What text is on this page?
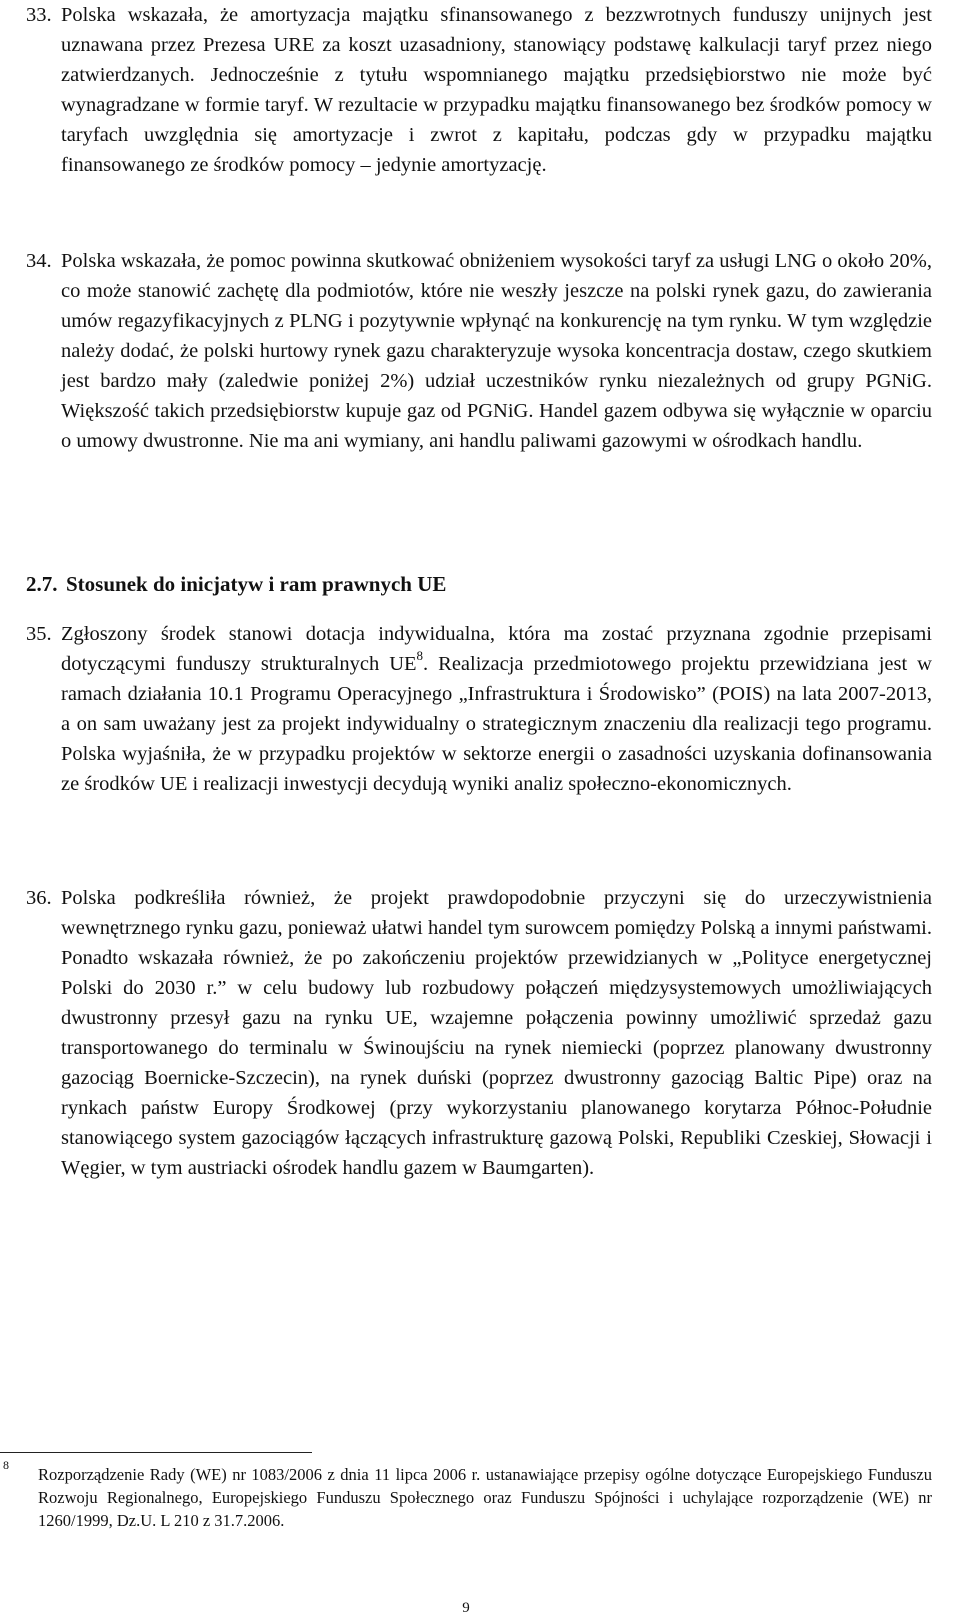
33. Polska wskazała, że amortyzacja majątku sfinansowanego z bezzwrotnych funduszy unijnych jest uznawana przez Prezesa URE za koszt uzasadniony, stanowiący podstawę kalkulacji taryf przez niego zatwierdzanych. Jednocześnie z tytułu wspomnianego majątku przedsiębiorstwo nie może być wynagradzane w formie taryf. W rezultacie w przypadku majątku finansowanego bez środków pomocy w taryfach uwzględnia się amortyzacje i zwrot z kapitału, podczas gdy w przypadku majątku finansowanego ze środków pomocy – jedynie amortyzację.
34. Polska wskazała, że pomoc powinna skutkować obniżeniem wysokości taryf za usługi LNG o około 20%, co może stanowić zachętę dla podmiotów, które nie weszły jeszcze na polski rynek gazu, do zawierania umów regazyfikacyjnych z PLNG i pozytywnie wpłynąć na konkurencję na tym rynku. W tym względzie należy dodać, że polski hurtowy rynek gazu charakteryzuje wysoka koncentracja dostaw, czego skutkiem jest bardzo mały (zaledwie poniżej 2%) udział uczestników rynku niezależnych od grupy PGNiG. Większość takich przedsiębiorstw kupuje gaz od PGNiG. Handel gazem odbywa się wyłącznie w oparciu o umowy dwustronne. Nie ma ani wymiany, ani handlu paliwami gazowymi w ośrodkach handlu.
2.7. Stosunek do inicjatyw i ram prawnych UE
35. Zgłoszony środek stanowi dotacja indywidualna, która ma zostać przyznana zgodnie przepisami dotyczącymi funduszy strukturalnych $UE^8$. Realizacja przedmiotowego projektu przewidziana jest w ramach działania 10.1 Programu Operacyjnego „Infrastruktura i Środowisko” (POIS) na lata 2007-2013, a on sam uważany jest za projekt indywidualny o strategicznym znaczeniu dla realizacji tego programu. Polska wyjaśniła, że w przypadku projektów w sektorze energii o zasadności uzyskania dofinansowania ze środków UE i realizacji inwestycji decydują wyniki analiz społeczno-ekonomicznych.
36. Polska podkreśliła również, że projekt prawdopodobnie przyczyni się do urzeczywistnienia wewnętrznego rynku gazu, ponieważ ułatwi handel tym surowcem pomiędzy Polską a innymi państwami. Ponadto wskazała również, że po zakończeniu projektów przewidzianych w „Polityce energetycznej Polski do 2030 r.” w celu budowy lub rozbudowy połączeń międzysystemowych umożliwiających dwustronny przesył gazu na rynku UE, wzajemne połączenia powinny umożliwić sprzedaż gazu transportowanego do terminalu w Świnoujściu na rynek niemiecki (poprzez planowany dwustronny gazociąg Boernicke-Szczecin), na rynek duński (poprzez dwustronny gazociąg Baltic Pipe) oraz na rynkach państw Europy Środkowej (przy wykorzystaniu planowanego korytarza Północ-Południe stanowiącego system gazociągów łączących infrastrukturę gazową Polski, Republiki Czeskiej, Słowacji i Węgier, w tym austriacki ośrodek handlu gazem w Baumgarten).
8 Rozporządzenie Rady (WE) nr 1083/2006 z dnia 11 lipca 2006 r. ustanawiające przepisy ogólne dotyczące Europejskiego Funduszu Rozwoju Regionalnego, Europejskiego Funduszu Społecznego oraz Funduszu Spójności i uchylające rozporządzenie (WE) nr 1260/1999, Dz.U. L 210 z 31.7.2006.
9
